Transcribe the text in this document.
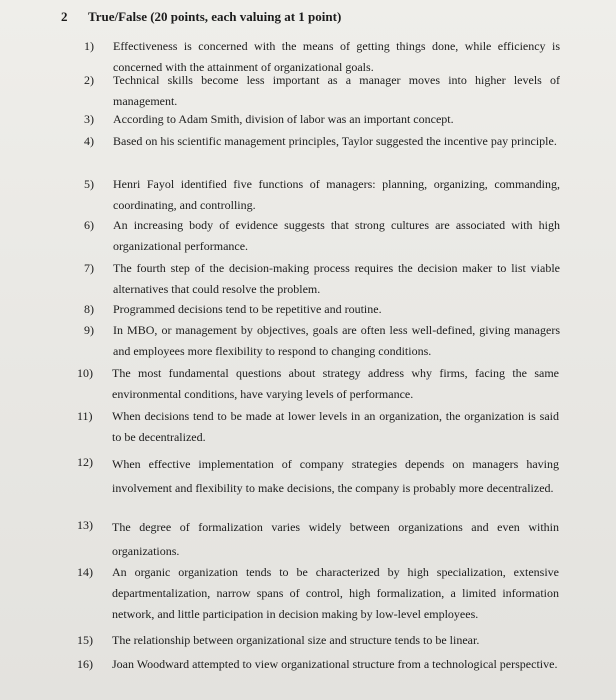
2 True/False (20 points, each valuing at 1 point)
1) Effectiveness is concerned with the means of getting things done, while efficiency is concerned with the attainment of organizational goals.
2) Technical skills become less important as a manager moves into higher levels of management.
3) According to Adam Smith, division of labor was an important concept.
4) Based on his scientific management principles, Taylor suggested the incentive pay principle.
5) Henri Fayol identified five functions of managers: planning, organizing, commanding, coordinating, and controlling.
6) An increasing body of evidence suggests that strong cultures are associated with high organizational performance.
7) The fourth step of the decision-making process requires the decision maker to list viable alternatives that could resolve the problem.
8) Programmed decisions tend to be repetitive and routine.
9) In MBO, or management by objectives, goals are often less well-defined, giving managers and employees more flexibility to respond to changing conditions.
10) The most fundamental questions about strategy address why firms, facing the same environmental conditions, have varying levels of performance.
11) When decisions tend to be made at lower levels in an organization, the organization is said to be decentralized.
12) When effective implementation of company strategies depends on managers having involvement and flexibility to make decisions, the company is probably more decentralized.
13) The degree of formalization varies widely between organizations and even within organizations.
14) An organic organization tends to be characterized by high specialization, extensive departmentalization, narrow spans of control, high formalization, a limited information network, and little participation in decision making by low-level employees.
15) The relationship between organizational size and structure tends to be linear.
16) Joan Woodward attempted to view organizational structure from a technological perspective.
